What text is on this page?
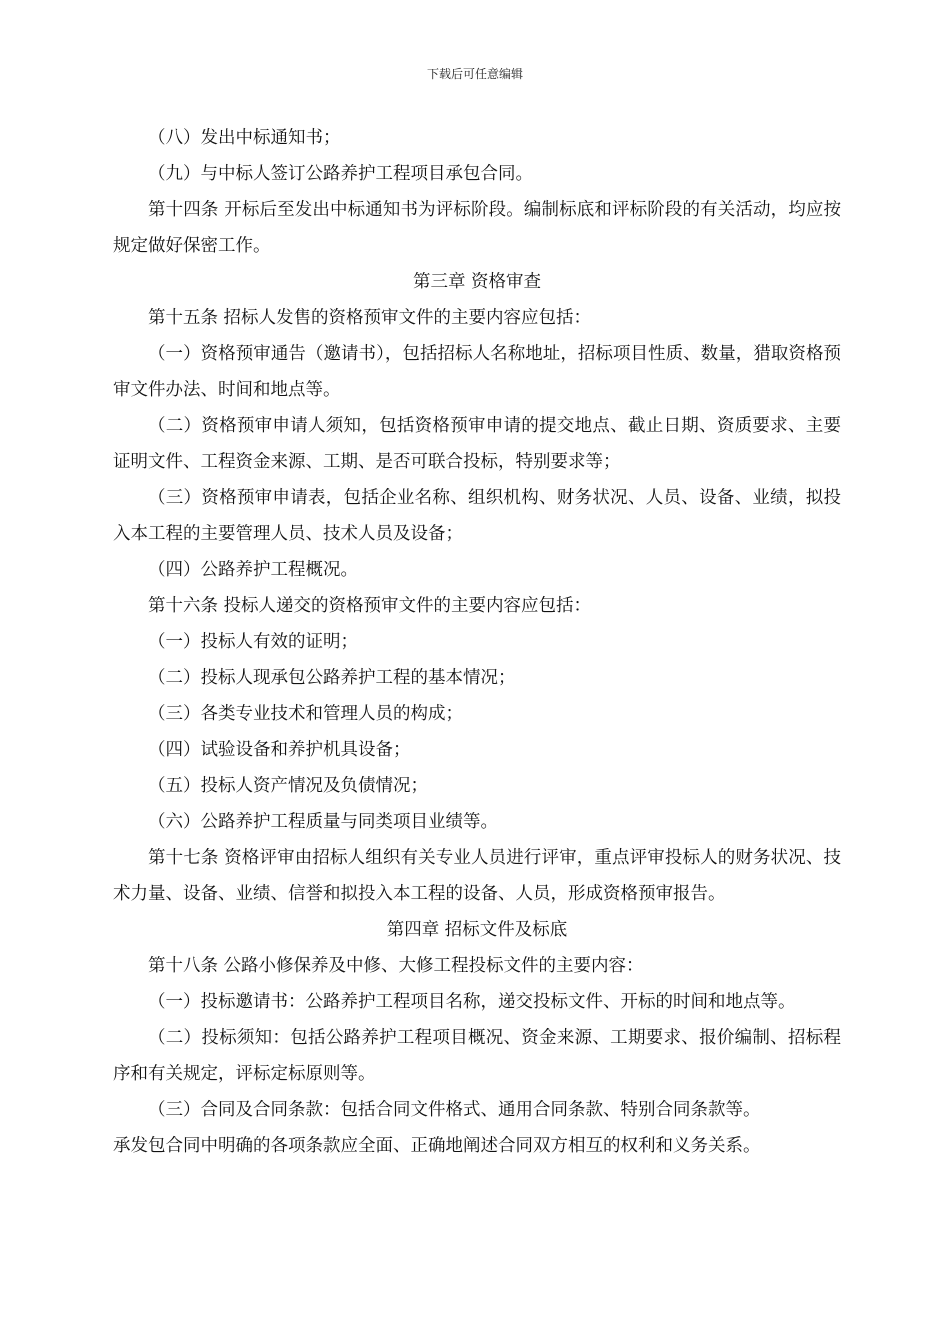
下载后可任意编辑

（八）发出中标通知书；

（九）与中标人签订公路养护工程项目承包合同。

第十四条 开标后至发出中标通知书为评标阶段。编制标底和评标阶段的有关活动，均应按规定做好保密工作。

第三章 资格审查

第十五条 招标人发售的资格预审文件的主要内容应包括：

（一）资格预审通告（邀请书），包括招标人名称地址，招标项目性质、数量，猎取资格预审文件办法、时间和地点等。

（二）资格预审申请人须知，包括资格预审申请的提交地点、截止日期、资质要求、主要证明文件、工程资金来源、工期、是否可联合投标，特别要求等；

（三）资格预审申请表，包括企业名称、组织机构、财务状况、人员、设备、业绩，拟投入本工程的主要管理人员、技术人员及设备；

（四）公路养护工程概况。

第十六条 投标人递交的资格预审文件的主要内容应包括：

（一）投标人有效的证明；

（二）投标人现承包公路养护工程的基本情况；

（三）各类专业技术和管理人员的构成；

（四）试验设备和养护机具设备；

（五）投标人资产情况及负债情况；

（六）公路养护工程质量与同类项目业绩等。

第十七条 资格评审由招标人组织有关专业人员进行评审，重点评审投标人的财务状况、技术力量、设备、业绩、信誉和拟投入本工程的设备、人员，形成资格预审报告。

第四章 招标文件及标底

第十八条 公路小修保养及中修、大修工程投标文件的主要内容：

（一）投标邀请书：公路养护工程项目名称，递交投标文件、开标的时间和地点等。

（二）投标须知：包括公路养护工程项目概况、资金来源、工期要求、报价编制、招标程序和有关规定，评标定标原则等。

（三）合同及合同条款：包括合同文件格式、通用合同条款、特别合同条款等。

承发包合同中明确的各项条款应全面、正确地阐述合同双方相互的权利和义务关系。
